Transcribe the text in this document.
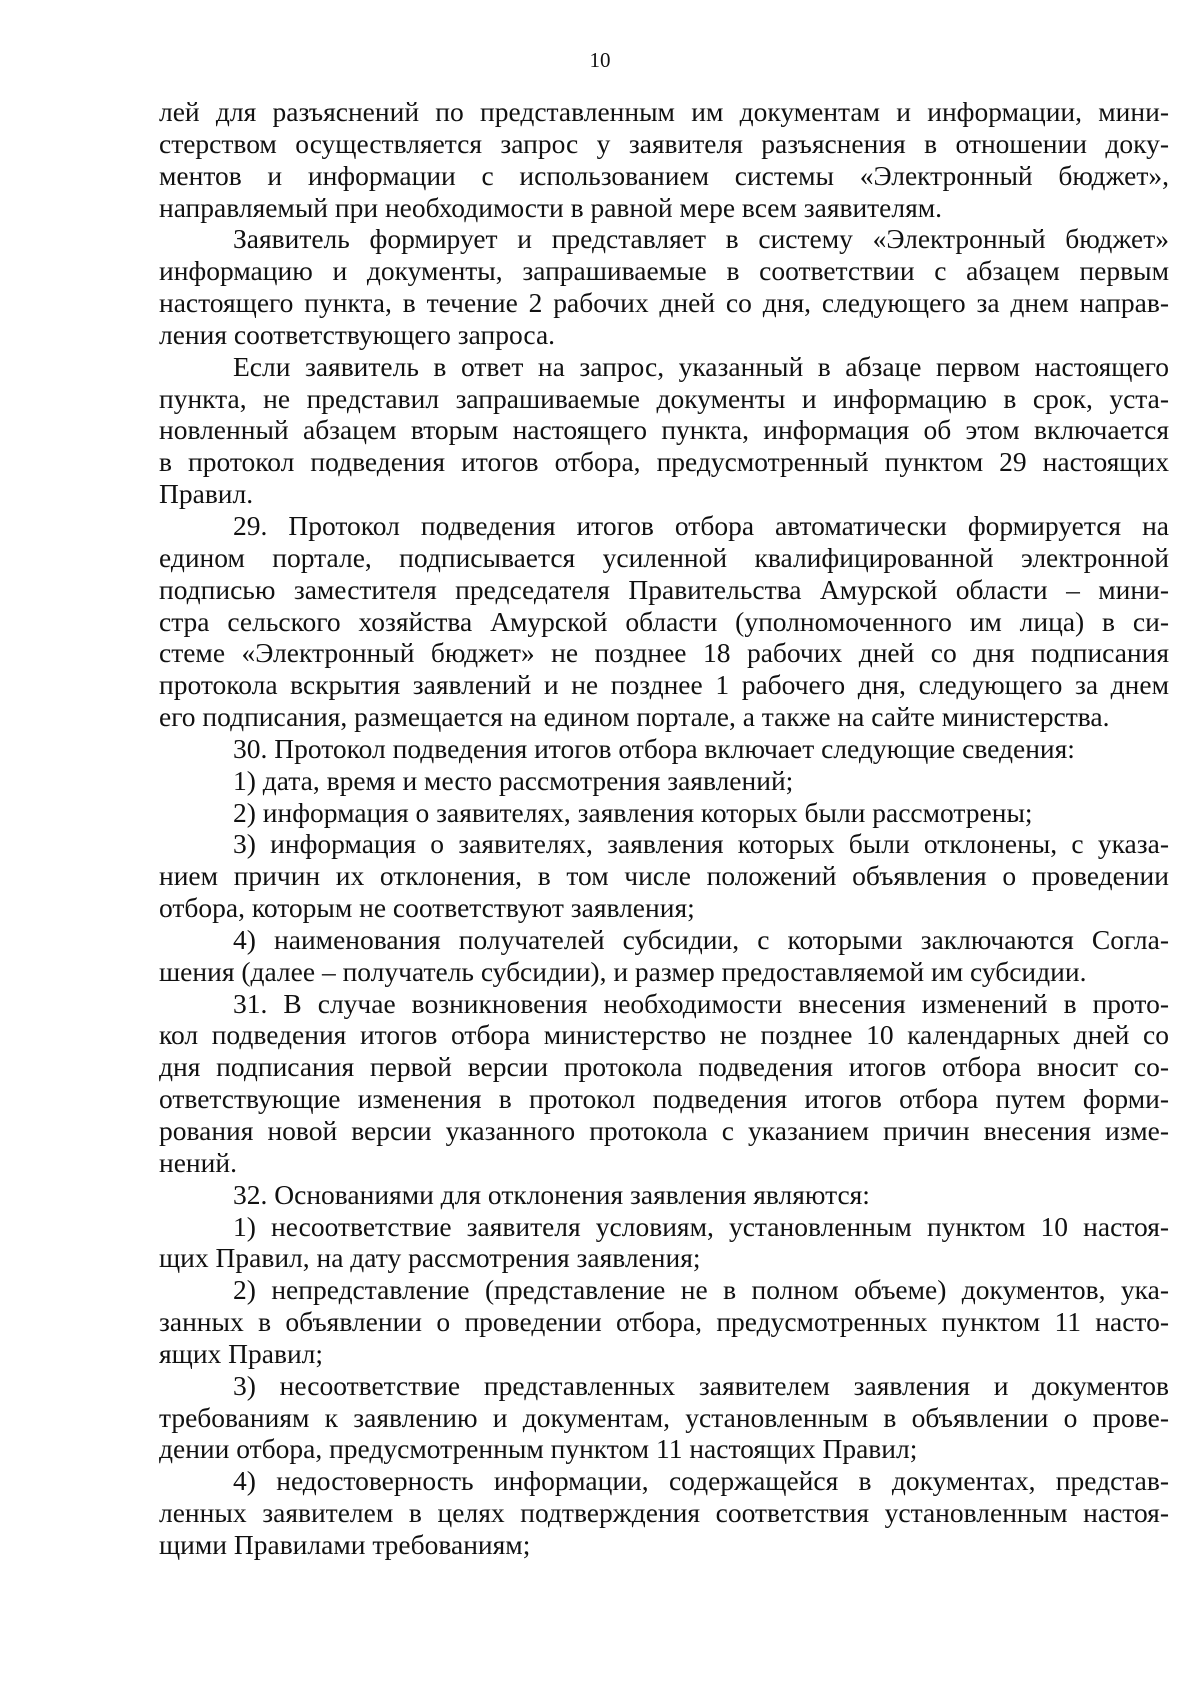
10
лей для разъяснений по представленным им документам и информации, мини-
стерством осуществляется запрос у заявителя разъяснения в отношении доку-
ментов и информации с использованием системы «Электронный бюджет»,
направляемый при необходимости в равной мере всем заявителям.
Заявитель формирует и представляет в систему «Электронный бюджет»
информацию и документы, запрашиваемые в соответствии с абзацем первым
настоящего пункта, в течение 2 рабочих дней со дня, следующего за днем направ-
ления соответствующего запроса.
Если заявитель в ответ на запрос, указанный в абзаце первом настоящего
пункта, не представил запрашиваемые документы и информацию в срок, уста-
новленный абзацем вторым настоящего пункта, информация об этом включается
в протокол подведения итогов отбора, предусмотренный пунктом 29 настоящих
Правил.
29. Протокол подведения итогов отбора автоматически формируется на
едином портале, подписывается усиленной квалифицированной электронной
подписью заместителя председателя Правительства Амурской области – мини-
стра сельского хозяйства Амурской области (уполномоченного им лица) в си-
стеме «Электронный бюджет» не позднее 18 рабочих дней со дня подписания
протокола вскрытия заявлений и не позднее 1 рабочего дня, следующего за днем
его подписания, размещается на едином портале, а также на сайте министерства.
30. Протокол подведения итогов отбора включает следующие сведения:
1) дата, время и место рассмотрения заявлений;
2) информация о заявителях, заявления которых были рассмотрены;
3) информация о заявителях, заявления которых были отклонены, с указа-
нием причин их отклонения, в том числе положений объявления о проведении
отбора, которым не соответствуют заявления;
4) наименования получателей субсидии, с которыми заключаются Согла-
шения (далее – получатель субсидии), и размер предоставляемой им субсидии.
31. В случае возникновения необходимости внесения изменений в прото-
кол подведения итогов отбора министерство не позднее 10 календарных дней со
дня подписания первой версии протокола подведения итогов отбора вносит со-
ответствующие изменения в протокол подведения итогов отбора путем форми-
рования новой версии указанного протокола с указанием причин внесения изме-
нений.
32. Основаниями для отклонения заявления являются:
1) несоответствие заявителя условиям, установленным пунктом 10 настоя-
щих Правил, на дату рассмотрения заявления;
2) непредставление (представление не в полном объеме) документов, ука-
занных в объявлении о проведении отбора, предусмотренных пунктом 11 насто-
ящих Правил;
3) несоответствие представленных заявителем заявления и документов
требованиям к заявлению и документам, установленным в объявлении о прове-
дении отбора, предусмотренным пунктом 11 настоящих Правил;
4) недостоверность информации, содержащейся в документах, представ-
ленных заявителем в целях подтверждения соответствия установленным настоя-
щими Правилами требованиям;
